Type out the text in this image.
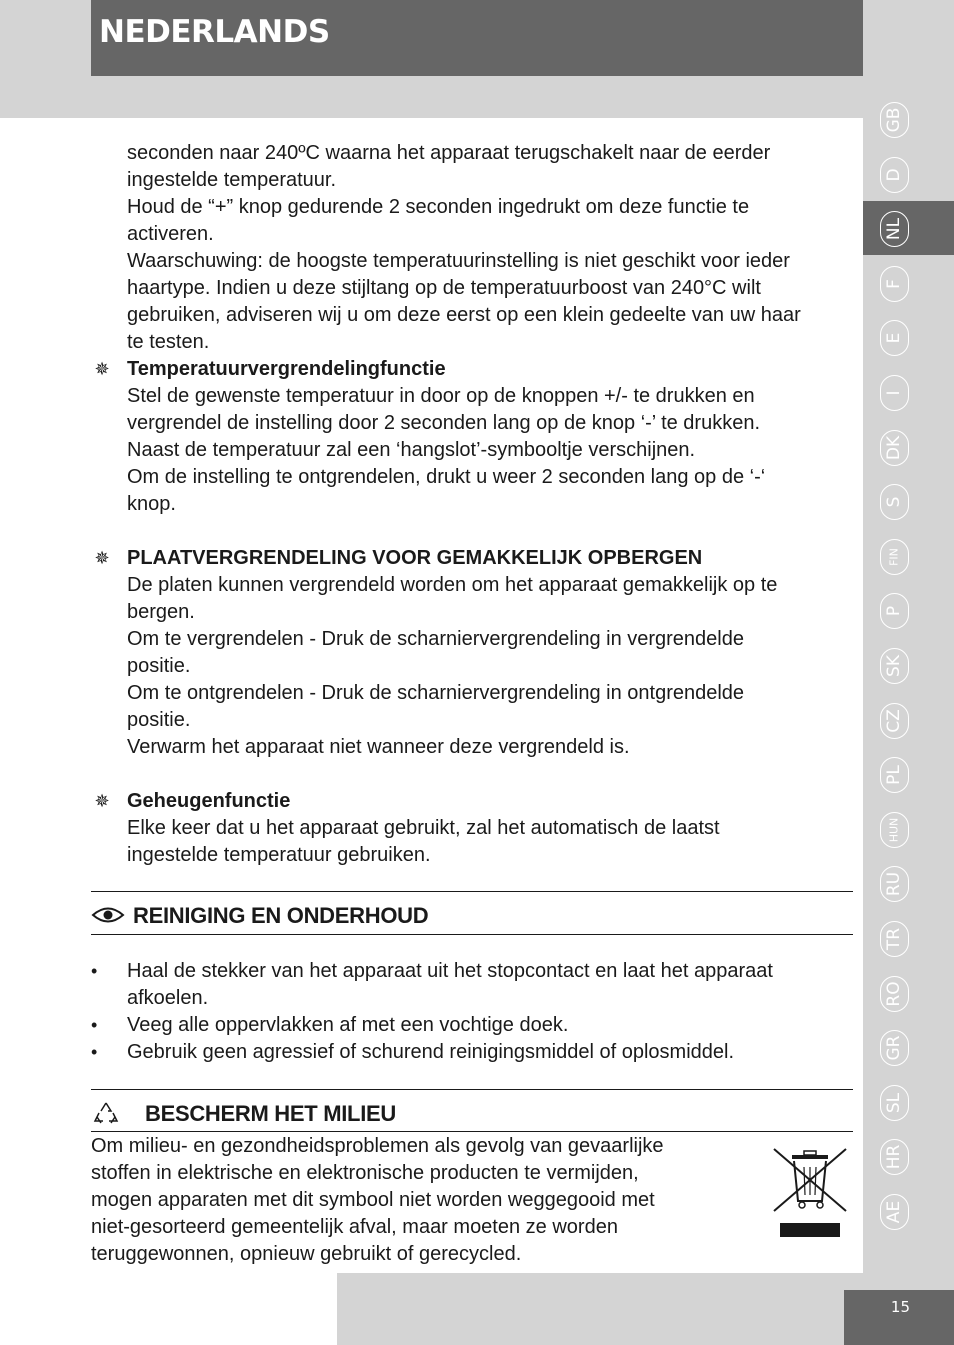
NEDERLANDS
GB
D
NL
F
E
I
DK
S
FIN
P
SK
CZ
PL
HUN
RU
TR
RO
GR
SL
HR
AE
15
seconden naar 240ºC waarna het apparaat terugschakelt naar de eerder
ingestelde temperatuur.
Houd de “+” knop gedurende 2 seconden ingedrukt om deze functie te
activeren.
Waarschuwing: de hoogste temperatuurinstelling is niet geschikt voor ieder
haartype. Indien u deze stijltang op de temperatuurboost van 240°C wilt
gebruiken, adviseren wij u om deze eerst op een klein gedeelte van uw haar
te testen.
✵ Temperatuurvergrendelingfunctie
Stel de gewenste temperatuur in door op de knoppen +/- te drukken en
vergrendel de instelling door 2 seconden lang op de knop ‘-’ te drukken.
Naast de temperatuur zal een ‘hangslot’-symbooltje verschijnen.
Om de instelling te ontgrendelen, drukt u weer 2 seconden lang op de ‘-‘
knop.
✵ PLAATVERGRENDELING VOOR GEMAKKELIJK OPBERGEN
De platen kunnen vergrendeld worden om het apparaat gemakkelijk op te
bergen.
Om te vergrendelen - Druk de scharniervergrendeling in vergrendelde
positie.
Om te ontgrendelen - Druk de scharniervergrendeling in ontgrendelde
positie.
Verwarm het apparaat niet wanneer deze vergrendeld is.
✵ Geheugenfunctie
Elke keer dat u het apparaat gebruikt, zal het automatisch de laatst
ingestelde temperatuur gebruiken.
REINIGING EN ONDERHOUD
• Haal de stekker van het apparaat uit het stopcontact en laat het apparaat
afkoelen.
• Veeg alle oppervlakken af met een vochtige doek.
• Gebruik geen agressief of schurend reinigingsmiddel of oplosmiddel.
BESCHERM HET MILIEU
Om milieu- en gezondheidsproblemen als gevolg van gevaarlijke
stoffen in elektrische en elektronische producten te vermijden,
mogen apparaten met dit symbool niet worden weggegooid met
niet-gesorteerd gemeentelijk afval, maar moeten ze worden
teruggewonnen, opnieuw gebruikt of gerecycled.
